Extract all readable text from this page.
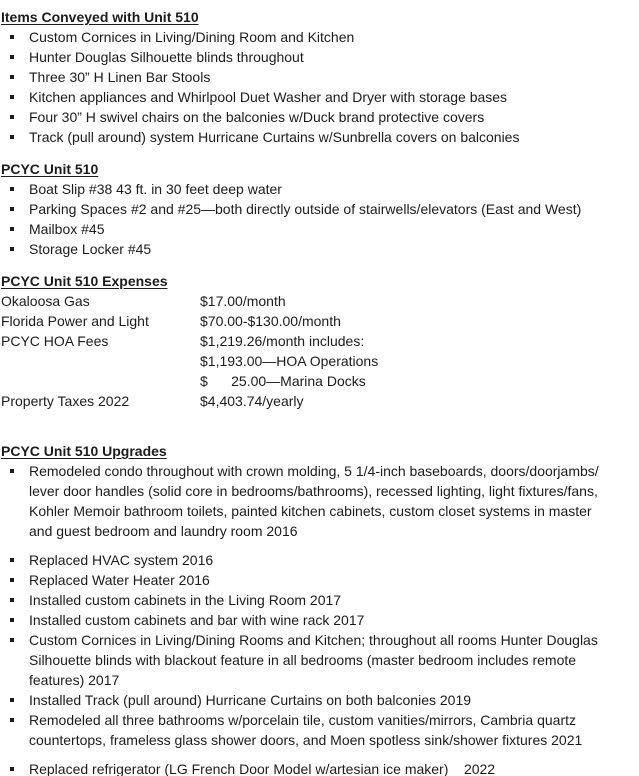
Items Conveyed with Unit 510
Custom Cornices in Living/Dining Room and Kitchen
Hunter Douglas Silhouette blinds throughout
Three 30” H Linen Bar Stools
Kitchen appliances and Whirlpool Duet Washer and Dryer with storage bases
Four 30” H swivel chairs on the balconies w/Duck brand protective covers
Track (pull around) system Hurricane Curtains w/Sunbrella covers on balconies
PCYC Unit 510
Boat Slip #38 43 ft. in 30 feet deep water
Parking Spaces #2 and #25—both directly outside of stairwells/elevators (East and West)
Mailbox #45
Storage Locker #45
PCYC Unit 510 Expenses
Okaloosa Gas	$17.00/month
Florida Power and Light	$70.00-$130.00/month
PCYC HOA Fees	$1,219.26/month includes:
$1,193.00—HOA Operations
$      25.00—Marina Docks
Property Taxes 2022	$4,403.74/yearly
PCYC Unit 510 Upgrades
Remodeled condo throughout with crown molding, 5 1/4-inch baseboards, doors/doorjambs/
lever door handles (solid core in bedrooms/bathrooms), recessed lighting, light fixtures/fans,
Kohler Memoir bathroom toilets, painted kitchen cabinets, custom closet systems in master
and guest bedroom and laundry room 2016
Replaced HVAC system 2016
Replaced Water Heater 2016
Installed custom cabinets in the Living Room 2017
Installed custom cabinets and bar with wine rack 2017
Custom Cornices in Living/Dining Rooms and Kitchen; throughout all rooms Hunter Douglas
Silhouette blinds with blackout feature in all bedrooms (master bedroom includes remote
features) 2017
Installed Track (pull around) Hurricane Curtains on both balconies 2019
Remodeled all three bathrooms w/porcelain tile, custom vanities/mirrors, Cambria quartz
countertops, frameless glass shower doors, and Moen spotless sink/shower fixtures 2021
Replaced refrigerator (LG French Door Model w/artesian ice maker)    2022
